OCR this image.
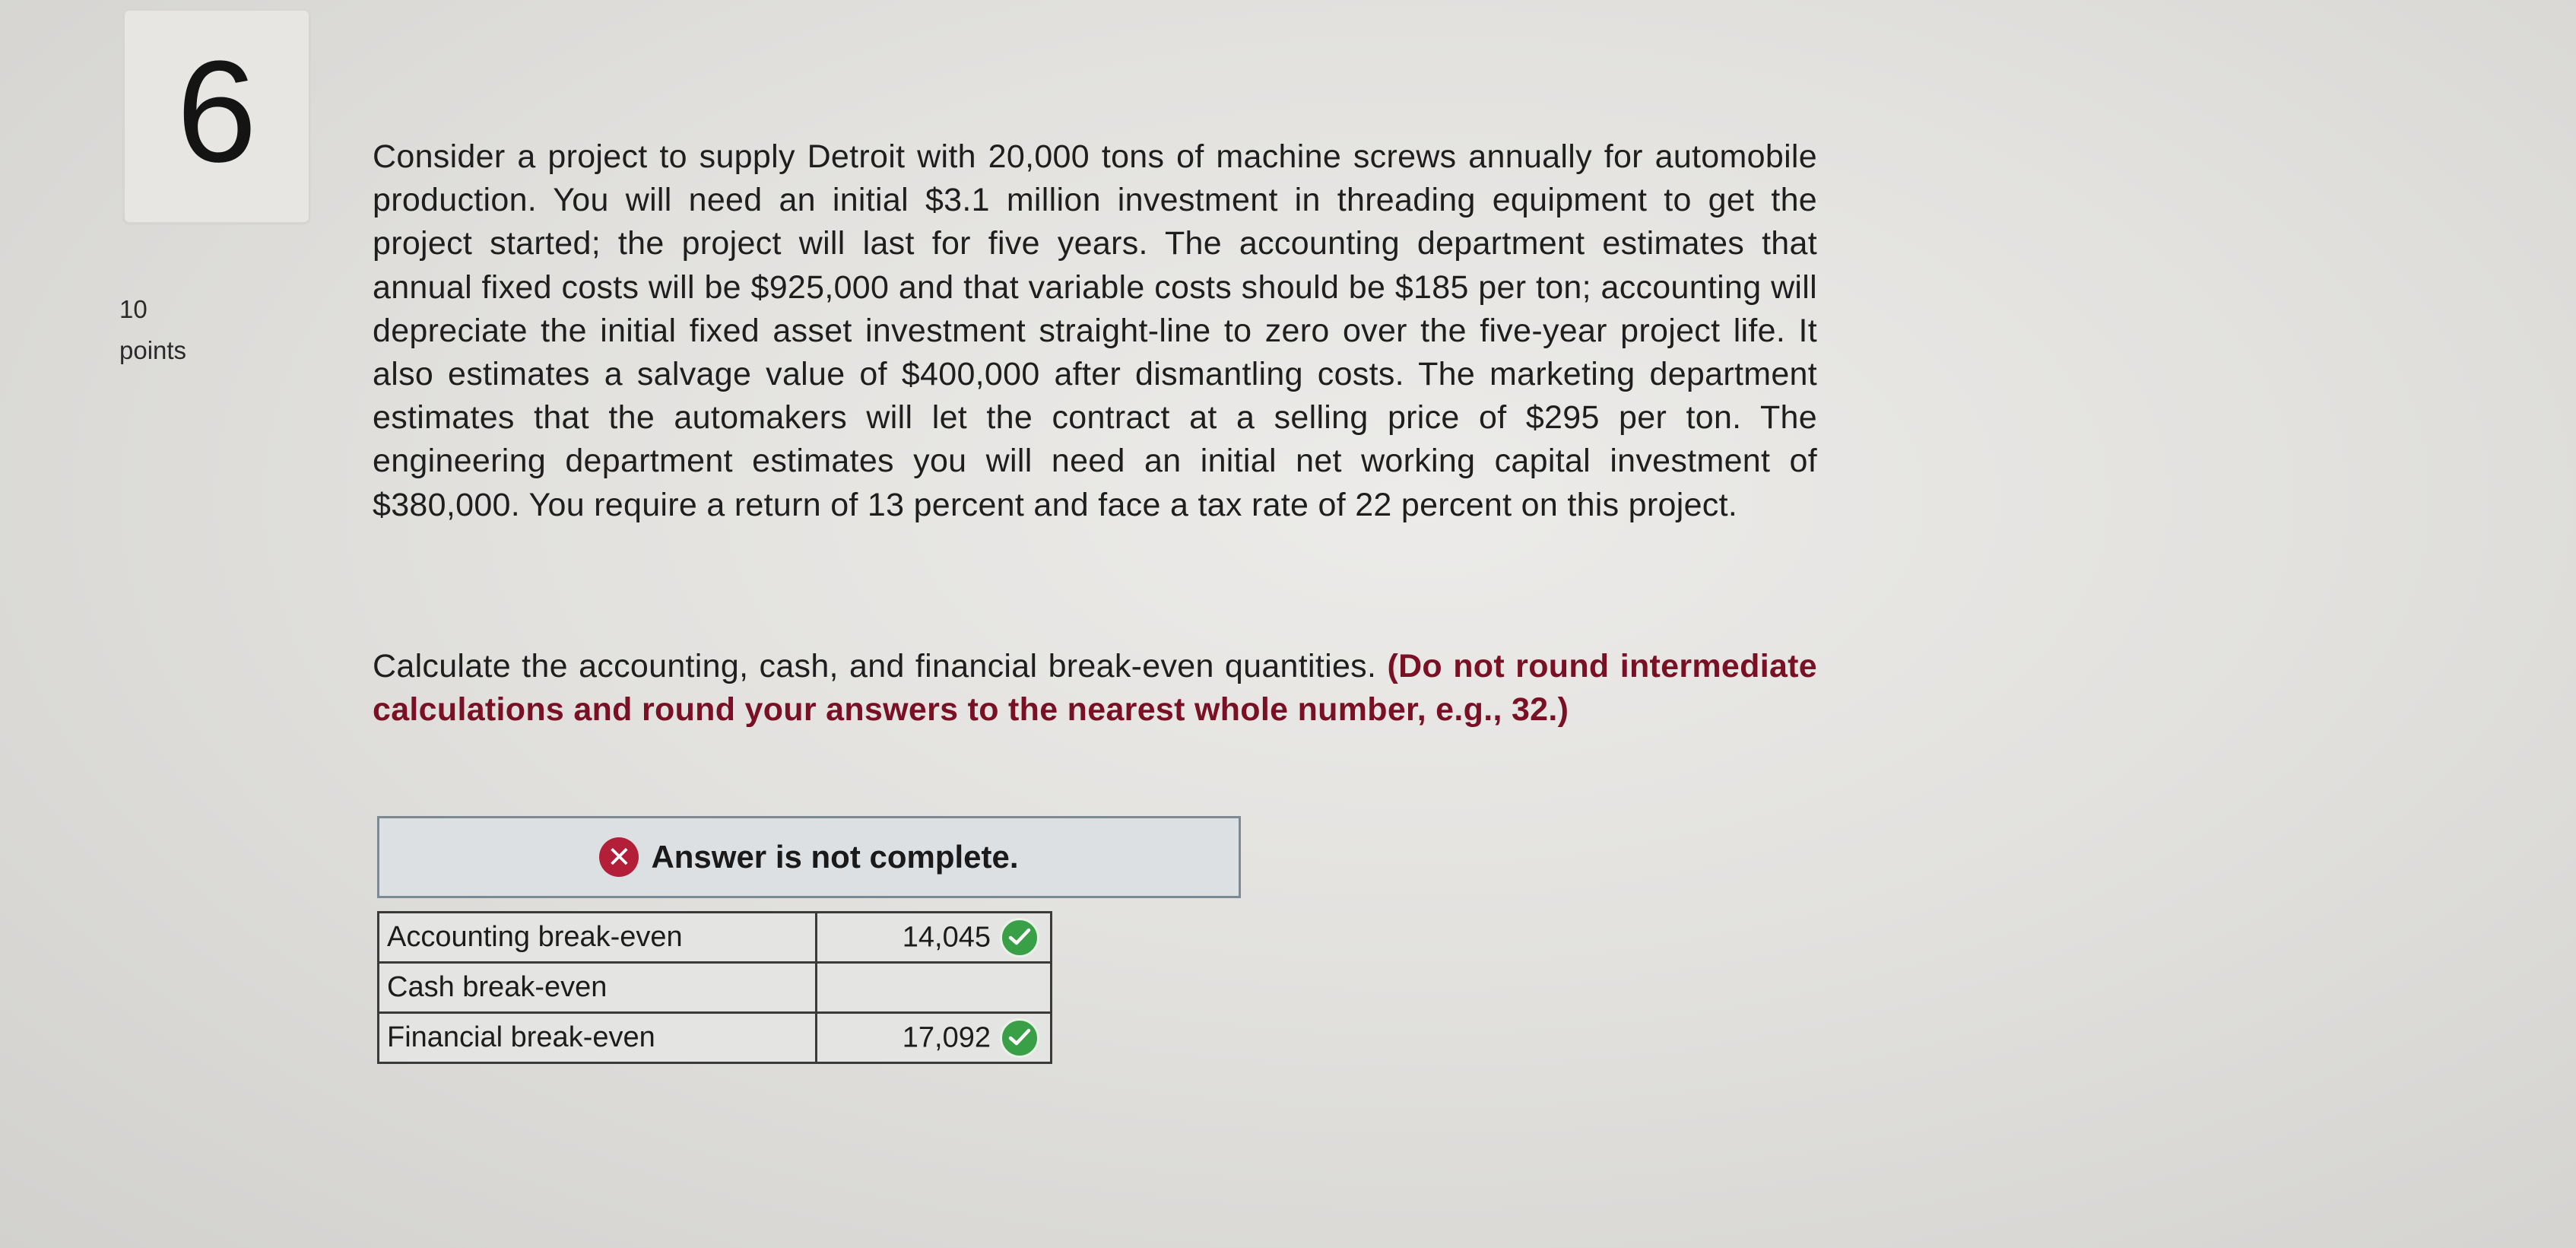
6
10
points
Consider a project to supply Detroit with 20,000 tons of machine screws annually for automobile production. You will need an initial $3.1 million investment in threading equipment to get the project started; the project will last for five years. The accounting department estimates that annual fixed costs will be $925,000 and that variable costs should be $185 per ton; accounting will depreciate the initial fixed asset investment straight-line to zero over the five-year project life. It also estimates a salvage value of $400,000 after dismantling costs. The marketing department estimates that the automakers will let the contract at a selling price of $295 per ton. The engineering department estimates you will need an initial net working capital investment of $380,000. You require a return of 13 percent and face a tax rate of 22 percent on this project.
Calculate the accounting, cash, and financial break-even quantities. (Do not round intermediate calculations and round your answers to the nearest whole number, e.g., 32.)
✕ Answer is not complete.
Accounting break-even	14,045

Cash break-even	
Financial break-even	17,092
